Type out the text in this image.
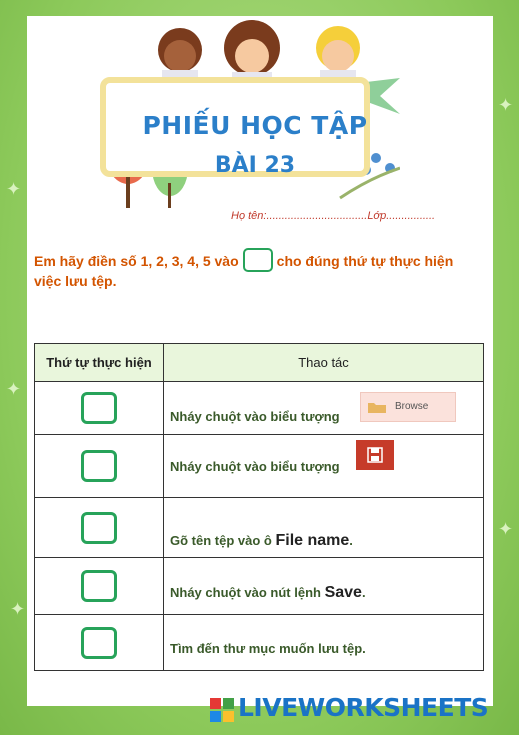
✦
✦
✦
✦
✦
PHIẾU HỌC TẬP
BÀI 23
Họ tên:.................................Lớp................
Em hãy điền số 1, 2, 3, 4, 5 vào	cho đúng thứ tự thực hiện việc lưu tệp.
Thứ tự thực hiện	Thao tác

	Nháy chuột vào biểu tượng
Browse

	Nháy chuột vào biểu tượng

	Gõ tên tệp vào ô File name.

	Nháy chuột vào nút lệnh Save.

	Tìm đến thư mục muốn lưu tệp.
LIVEWORKSHEETS
